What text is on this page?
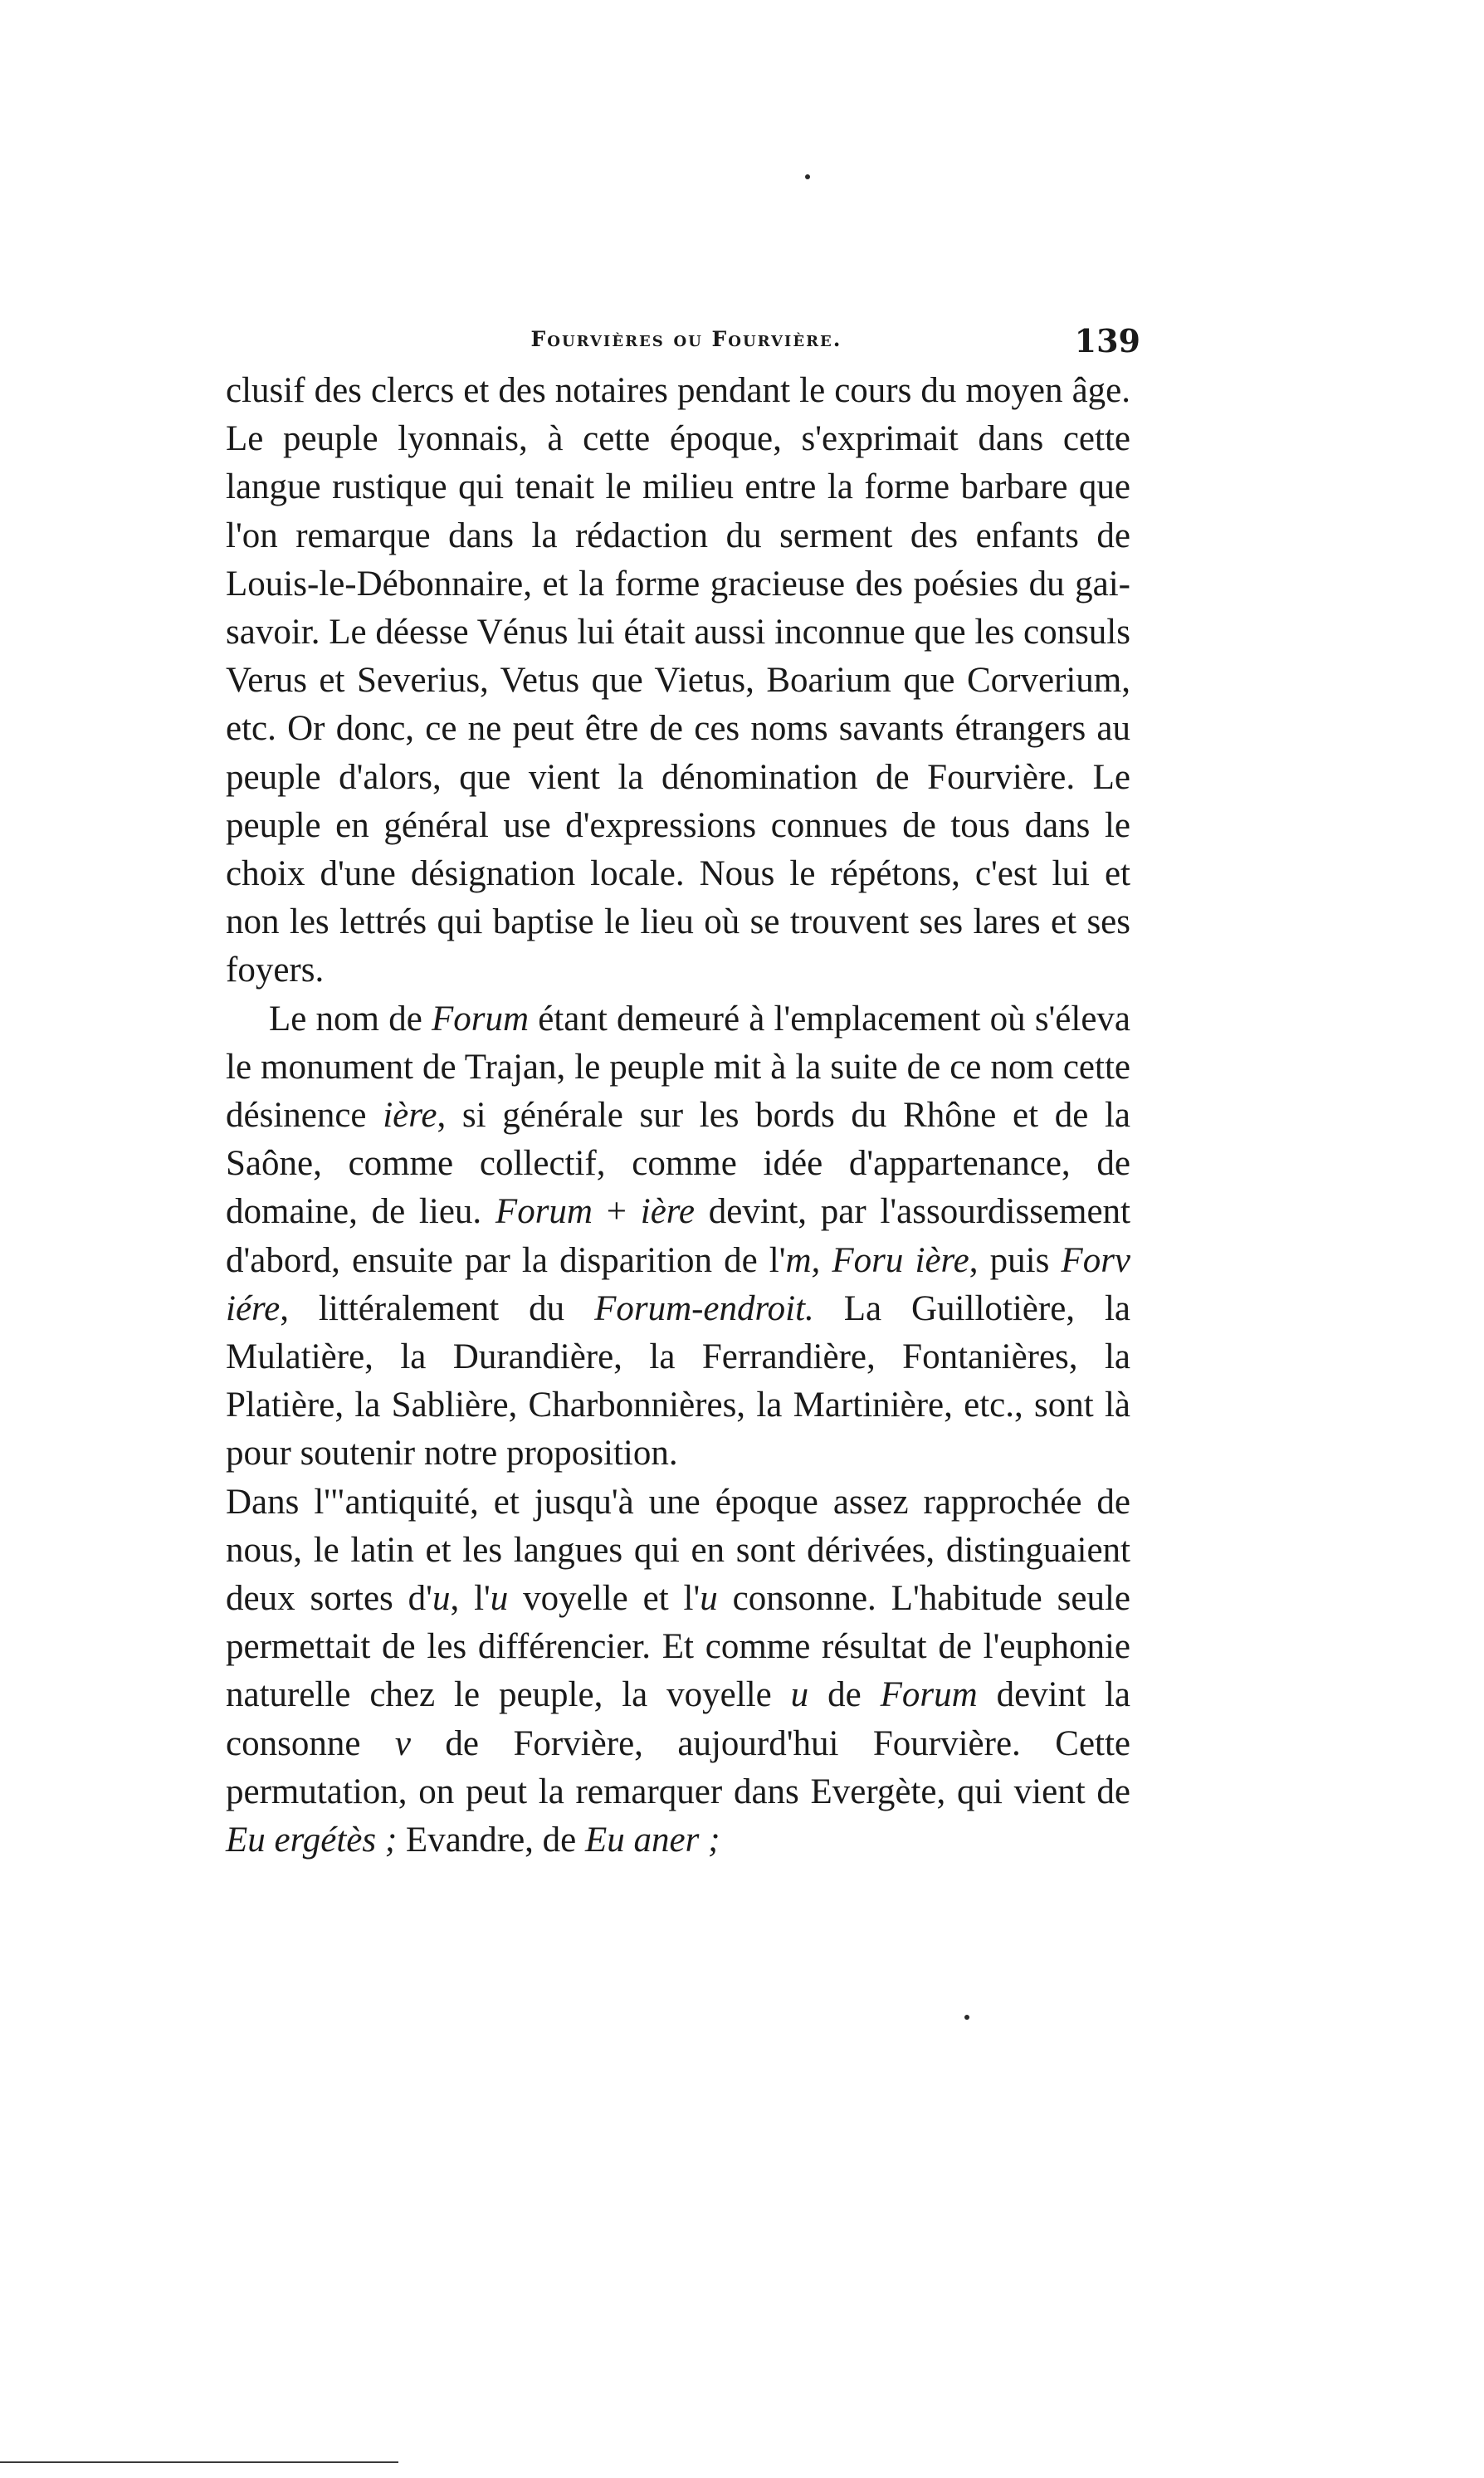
Fourvières ou Fourvière.	139

clusif des clercs et des notaires pendant le cours du moyen âge. Le peuple lyonnais, à cette époque, s'exprimait dans cette langue rustique qui tenait le milieu entre la forme barbare que l'on remarque dans la rédaction du serment des enfants de Louis-le-Débonnaire, et la forme gracieuse des poésies du gai-savoir. Le déesse Vénus lui était aussi inconnue que les consuls Verus et Severius, Vetus que Vietus, Boarium que Corverium, etc. Or donc, ce ne peut être de ces noms savants étrangers au peuple d'alors, que vient la dénomination de Fourvière. Le peuple en général use d'expressions connues de tous dans le choix d'une désignation locale. Nous le répétons, c'est lui et non les lettrés qui baptise le lieu où se trouvent ses lares et ses foyers.

Le nom de Forum étant demeuré à l'emplacement où s'éleva le monument de Trajan, le peuple mit à la suite de ce nom cette désinence ière, si générale sur les bords du Rhône et de la Saône, comme collectif, comme idée d'appartenance, de domaine, de lieu. Forum + ière devint, par l'assourdissement d'abord, ensuite par la disparition de l'm, Foru ière, puis Forv iére, littéralement du Forum-endroit. La Guillotière, la Mulatière, la Durandière, la Ferrandière, Fontanières, la Platière, la Sablière, Charbonnières, la Martinière, etc., sont là pour soutenir notre proposition.

Dans l'"antiquité, et jusqu'à une époque assez rapprochée de nous, le latin et les langues qui en sont dérivées, distinguaient deux sortes d'u, l'u voyelle et l'u consonne. L'habitude seule permettait de les différencier. Et comme résultat de l'euphonie naturelle chez le peuple, la voyelle u de Forum devint la consonne v de Forvière, aujourd'hui Fourvière. Cette permutation, on peut la remarquer dans Evergète, qui vient de Eu ergétès ; Evandre, de Eu aner ;
